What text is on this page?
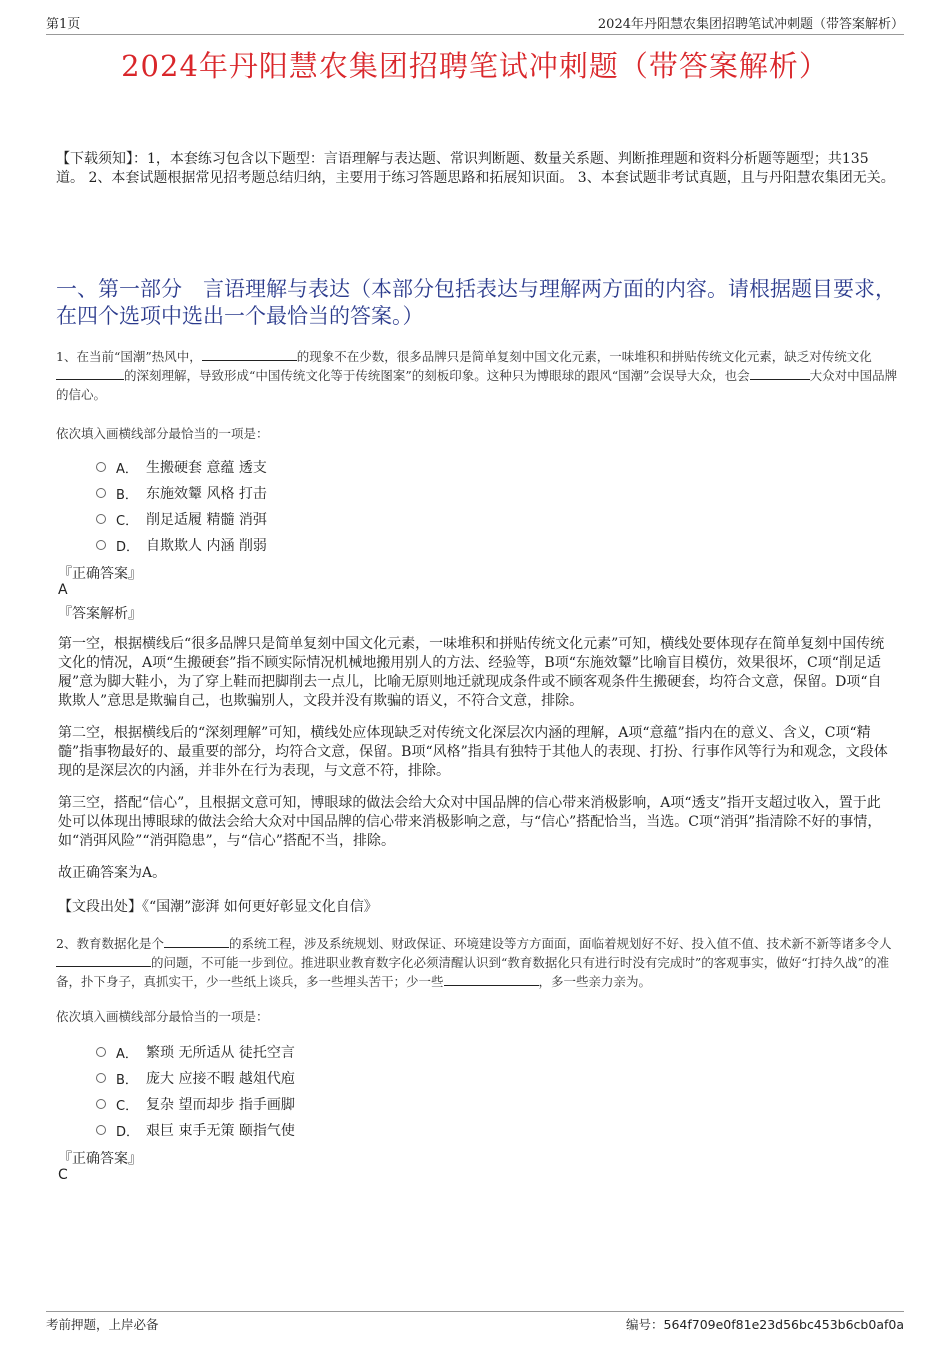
第1页	2024年丹阳慧农集团招聘笔试冲刺题（带答案解析）
2024年丹阳慧农集团招聘笔试冲刺题（带答案解析）
【下载须知】：1，本套练习包含以下题型：言语理解与表达题、常识判断题、数量关系题、判断推理题和资料分析题等题型；共135道。 2、本套试题根据常见招考题总结归纳，主要用于练习答题思路和拓展知识面。 3、本套试题非考试真题，且与丹阳慧农集团无关。
一、第一部分　言语理解与表达（本部分包括表达与理解两方面的内容。请根据题目要求，在四个选项中选出一个最恰当的答案。）
1、在当前“国潮”热风中，	的现象不在少数，很多品牌只是简单复刻中国文化元素，一味堆积和拼贴传统文化元素，缺乏对传统文化的深刻理解，导致形成“中国传统文化等于传统图案”的刻板印象。这种只为博眼球的跟风“国潮”会误导大众，也会	大众对中国品牌的信心。
依次填入画横线部分最恰当的一项是：
A． 生搬硬套 意蕴 透支
B． 东施效颦 风格 打击
C． 削足适履 精髓 消弭
D． 自欺欺人 内涵 削弱
『正确答案』
A
『答案解析』
第一空，根据横线后“很多品牌只是简单复刻中国文化元素，一味堆积和拼贴传统文化元素”可知，横线处要体现存在简单复刻中国传统文化的情况，A项“生搬硬套”指不顾实际情况机械地搬用别人的方法、经验等，B项“东施效颦”比喻盲目模仿，效果很坏，C项“削足适履”意为脚大鞋小，为了穿上鞋而把脚削去一点儿，比喻无原则地迁就现成条件或不顾客观条件生搬硬套，均符合文意，保留。D项“自欺欺人”意思是欺骗自己，也欺骗别人，文段并没有欺骗的语义，不符合文意，排除。
第二空，根据横线后的“深刻理解”可知，横线处应体现缺乏对传统文化深层次内涵的理解，A项“意蕴”指内在的意义、含义，C项“精髓”指事物最好的、最重要的部分，均符合文意，保留。B项“风格”指具有独特于其他人的表现、打扮、行事作风等行为和观念，文段体现的是深层次的内涵，并非外在行为表现，与文意不符，排除。
第三空，搭配“信心”，且根据文意可知，博眼球的做法会给大众对中国品牌的信心带来消极影响，A项“透支”指开支超过收入，置于此处可以体现出博眼球的做法会给大众对中国品牌的信心带来消极影响之意，与“信心”搭配恰当，当选。C项“消弭”指清除不好的事情，如“消弭风险”“消弭隐患”，与“信心”搭配不当，排除。
故正确答案为A。
【文段出处】《“国潮”澎湃 如何更好彰显文化自信》
2、教育数据化是个	的系统工程，涉及系统规划、财政保证、环境建设等方方面面，面临着规划好不好、投入值不值、技术新不新等诸多令人的问题，不可能一步到位。推进职业教育数字化必须清醒认识到“教育数据化只有进行时没有完成时”的客观事实，做好“打持久战”的准备，扑下身子，真抓实干，少一些纸上谈兵，多一些埋头苦干；少一些	，多一些亲力亲为。
依次填入画横线部分最恰当的一项是：
A． 繁琐 无所适从 徒托空言
B． 庞大 应接不暇 越俎代庖
C． 复杂 望而却步 指手画脚
D． 艰巨 束手无策 颐指气使
『正确答案』
C
考前押题，上岸必备	编号：564f709e0f81e23d56bc453b6cb0af0a
